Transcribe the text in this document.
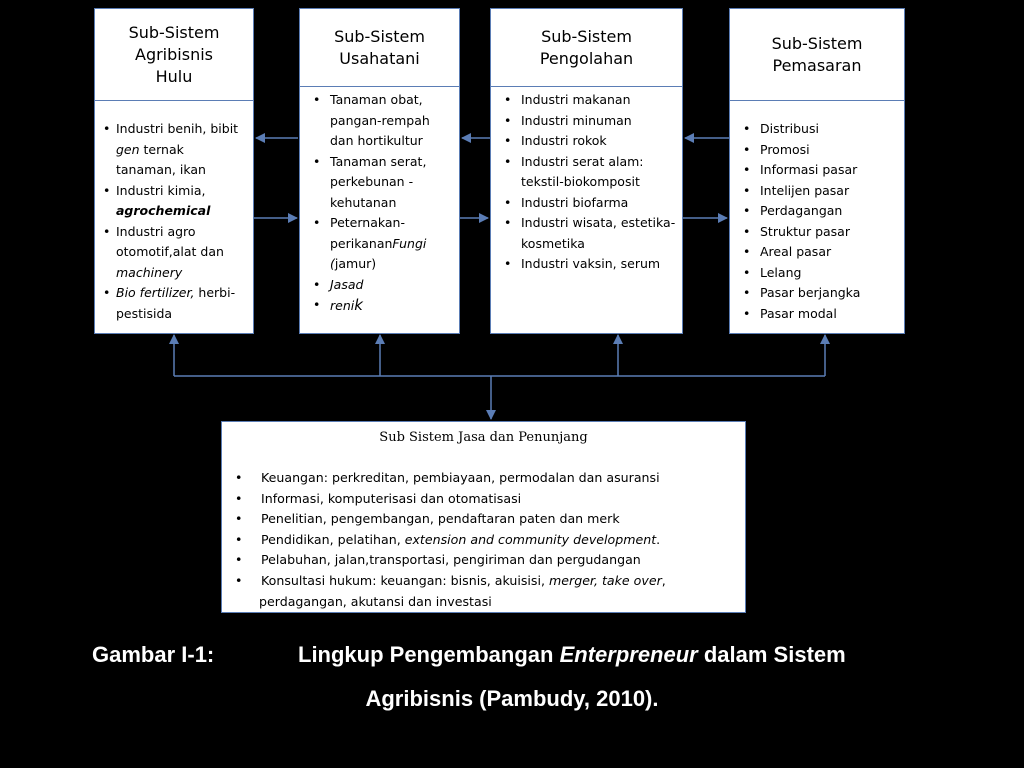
Sub-Sistem
Agribisnis
Hulu
• Industri benih, bibit gen ternak tanaman, ikan
• Industri kimia, agrochemical
• Industri agro otomotif,alat dan machinery
• Bio fertilizer, herbi- pestisida
Sub-Sistem
Usahatani
• Tanaman obat, pangan-rempah dan hortikultur
• Tanaman serat, perkebunan - kehutanan
• Peternakan-perikananFungi (jamur)
• Jasad
• renik
Sub-Sistem
Pengolahan
• Industri makanan
• Industri minuman
• Industri rokok
• Industri serat alam: tekstil-biokomposit
• Industri biofarma
• Industri wisata, estetika-kosmetika
• Industri vaksin, serum
Sub-Sistem
Pemasaran
• Distribusi
• Promosi
• Informasi pasar
• Intelijen pasar
• Perdagangan
• Struktur pasar
• Areal pasar
• Lelang
• Pasar berjangka
• Pasar modal
Sub Sistem Jasa dan Penunjang
• Keuangan: perkreditan, pembiayaan, permodalan dan asuransi
• Informasi, komputerisasi dan otomatisasi
• Penelitian, pengembangan, pendaftaran paten dan merk
• Pendidikan, pelatihan, extension and community development.
• Pelabuhan, jalan,transportasi, pengiriman dan pergudangan
• Konsultasi hukum: keuangan: bisnis, akuisisi, merger, take over,
perdagangan, akutansi dan investasi
Gambar I-1:	Lingkup Pengembangan Enterpreneur dalam Sistem
Agribisnis (Pambudy, 2010).
